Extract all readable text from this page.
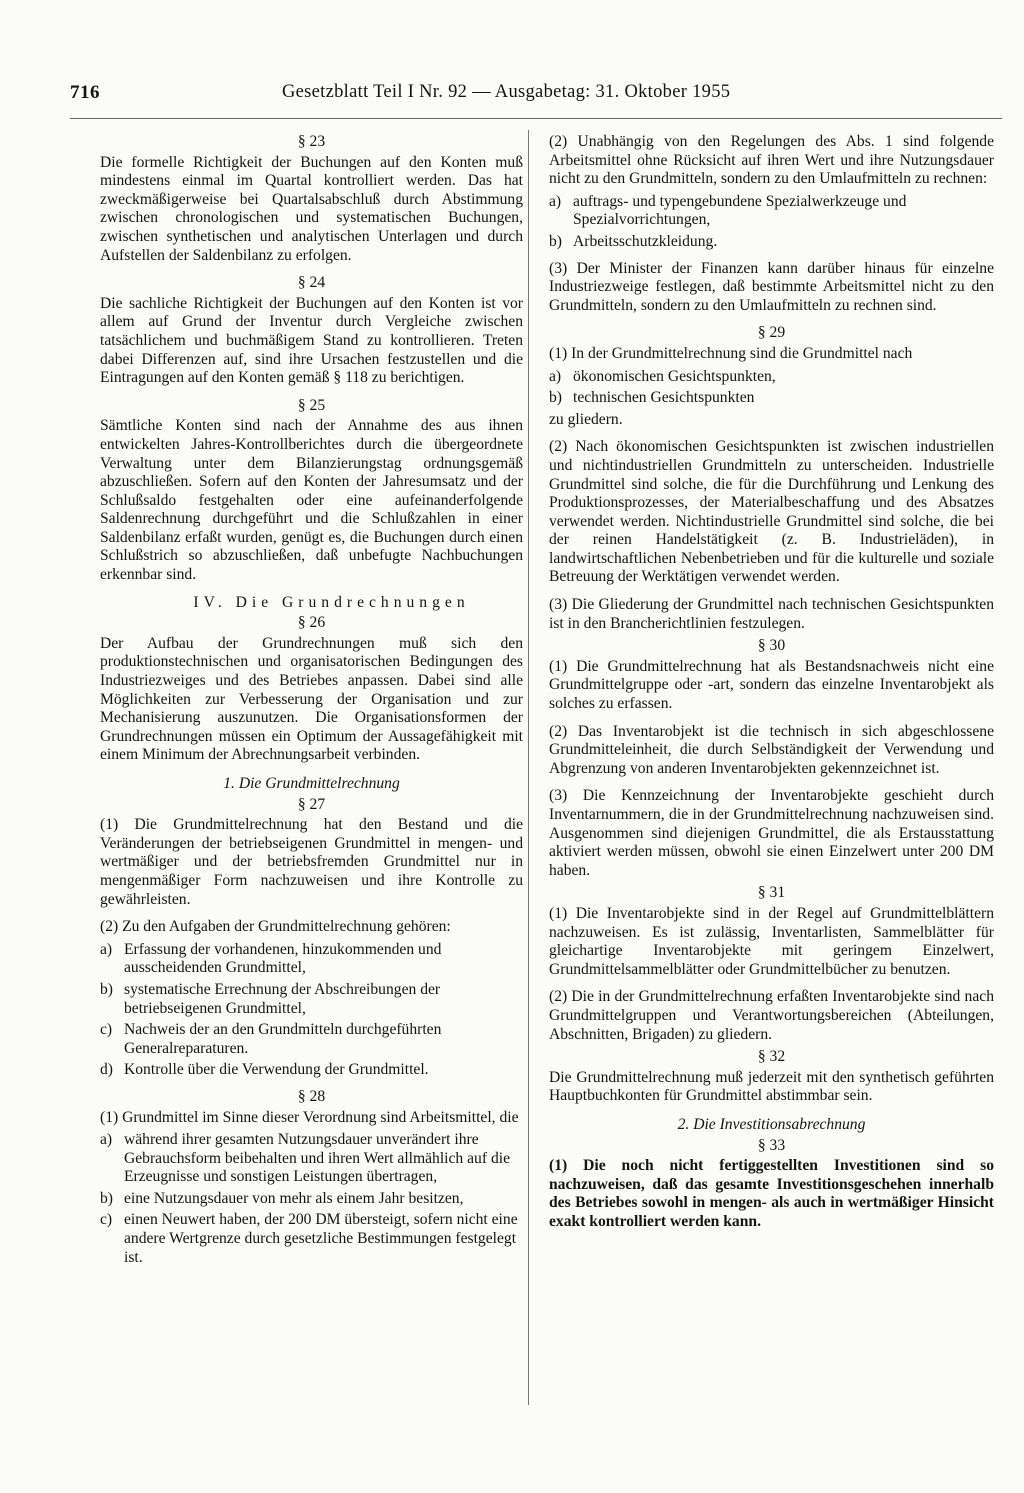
716	Gesetzblatt Teil I Nr. 92 — Ausgabetag: 31. Oktober 1955
§ 23

Die formelle Richtigkeit der Buchungen auf den Konten muß mindestens einmal im Quartal kontrolliert werden. Das hat zweckmäßigerweise bei Quartalsabschluß durch Abstimmung zwischen chronologischen und systematischen Buchungen, zwischen synthetischen und analytischen Unterlagen und durch Aufstellen der Saldenbilanz zu erfolgen.

§ 24

Die sachliche Richtigkeit der Buchungen auf den Konten ist vor allem auf Grund der Inventur durch Vergleiche zwischen tatsächlichem und buchmäßigem Stand zu kontrollieren. Treten dabei Differenzen auf, sind ihre Ursachen festzustellen und die Eintragungen auf den Konten gemäß § 118 zu berichtigen.

§ 25

Sämtliche Konten sind nach der Annahme des aus ihnen entwickelten Jahres-Kontrollberichtes durch die übergeordnete Verwaltung unter dem Bilanzierungstag ordnungsgemäß abzuschließen. Sofern auf den Konten der Jahresumsatz und der Schlußsaldo festgehalten oder eine aufeinanderfolgende Saldenrechnung durchgeführt und die Schlußzahlen in einer Saldenbilanz erfaßt wurden, genügt es, die Buchungen durch einen Schlußstrich so abzuschließen, daß unbefugte Nachbuchungen erkennbar sind.

IV. Die Grundrechnungen
§ 26

Der Aufbau der Grundrechnungen muß sich den produktionstechnischen und organisatorischen Bedingungen des Industriezweiges und des Betriebes anpassen. Dabei sind alle Möglichkeiten zur Verbesserung der Organisation und zur Mechanisierung auszunutzen. Die Organisationsformen der Grundrechnungen müssen ein Optimum der Aussagefähigkeit mit einem Minimum der Abrechnungsarbeit verbinden.

1. Die Grundmittelrechnung
§ 27

(1) Die Grundmittelrechnung hat den Bestand und die Veränderungen der betriebseigenen Grundmittel in mengen- und wertmäßiger und der betriebsfremden Grundmittel nur in mengenmäßiger Form nachzuweisen und ihre Kontrolle zu gewährleisten.

(2) Zu den Aufgaben der Grundmittelrechnung gehören:

a) Erfassung der vorhandenen, hinzukommenden und ausscheidenden Grundmittel,
b) systematische Errechnung der Abschreibungen der betriebseigenen Grundmittel,
c) Nachweis der an den Grundmitteln durchgeführten Generalreparaturen.
d) Kontrolle über die Verwendung der Grundmittel.
§ 28

(1) Grundmittel im Sinne dieser Verordnung sind Arbeitsmittel, die

a) während ihrer gesamten Nutzungsdauer unverändert ihre Gebrauchsform beibehalten und ihren Wert allmählich auf die Erzeugnisse und sonstigen Leistungen übertragen,
b) eine Nutzungsdauer von mehr als einem Jahr besitzen,
c) einen Neuwert haben, der 200 DM übersteigt, sofern nicht eine andere Wertgrenze durch gesetzliche Bestimmungen festgelegt ist.

(2) Unabhängig von den Regelungen des Abs. 1 sind folgende Arbeitsmittel ohne Rücksicht auf ihren Wert und ihre Nutzungsdauer nicht zu den Grundmitteln, sondern zu den Umlaufmitteln zu rechnen:

a) auftrags- und typengebundene Spezialwerkzeuge und Spezialvorrichtungen,
b) Arbeitsschutzkleidung.

(3) Der Minister der Finanzen kann darüber hinaus für einzelne Industriezweige festlegen, daß bestimmte Arbeitsmittel nicht zu den Grundmitteln, sondern zu den Umlaufmitteln zu rechnen sind.

§ 29

(1) In der Grundmittelrechnung sind die Grundmittel nach

a) ökonomischen Gesichtspunkten,
b) technischen Gesichtspunkten

zu gliedern.

(2) Nach ökonomischen Gesichtspunkten ist zwischen industriellen und nichtindustriellen Grundmitteln zu unterscheiden. Industrielle Grundmittel sind solche, die für die Durchführung und Lenkung des Produktionsprozesses, der Materialbeschaffung und des Absatzes verwendet werden. Nichtindustrielle Grundmittel sind solche, die bei der reinen Handelstätigkeit (z. B. Industrieläden), in landwirtschaftlichen Nebenbetrieben und für die kulturelle und soziale Betreuung der Werktätigen verwendet werden.

(3) Die Gliederung der Grundmittel nach technischen Gesichtspunkten ist in den Brancherichtlinien festzulegen.

§ 30

(1) Die Grundmittelrechnung hat als Bestandsnachweis nicht eine Grundmittelgruppe oder -art, sondern das einzelne Inventarobjekt als solches zu erfassen.

(2) Das Inventarobjekt ist die technisch in sich abgeschlossene Grundmitteleinheit, die durch Selbständigkeit der Verwendung und Abgrenzung von anderen Inventarobjekten gekennzeichnet ist.

(3) Die Kennzeichnung der Inventarobjekte geschieht durch Inventarnummern, die in der Grundmittelrechnung nachzuweisen sind. Ausgenommen sind diejenigen Grundmittel, die als Erstausstattung aktiviert werden müssen, obwohl sie einen Einzelwert unter 200 DM haben.

§ 31

(1) Die Inventarobjekte sind in der Regel auf Grundmittelblättern nachzuweisen. Es ist zulässig, Inventarlisten, Sammelblätter für gleichartige Inventarobjekte mit geringem Einzelwert, Grundmittelsammelblätter oder Grundmittelbücher zu benutzen.

(2) Die in der Grundmittelrechnung erfaßten Inventarobjekte sind nach Grundmittelgruppen und Verantwortungsbereichen (Abteilungen, Abschnitten, Brigaden) zu gliedern.

§ 32

Die Grundmittelrechnung muß jederzeit mit den synthetisch geführten Hauptbuchkonten für Grundmittel abstimmbar sein.

2. Die Investitionsabrechnung
§ 33

(1) Die noch nicht fertiggestellten Investitionen sind so nachzuweisen, daß das gesamte Investitionsgeschehen innerhalb des Betriebes sowohl in mengen- als auch in wertmäßiger Hinsicht exakt kontrolliert werden kann.
